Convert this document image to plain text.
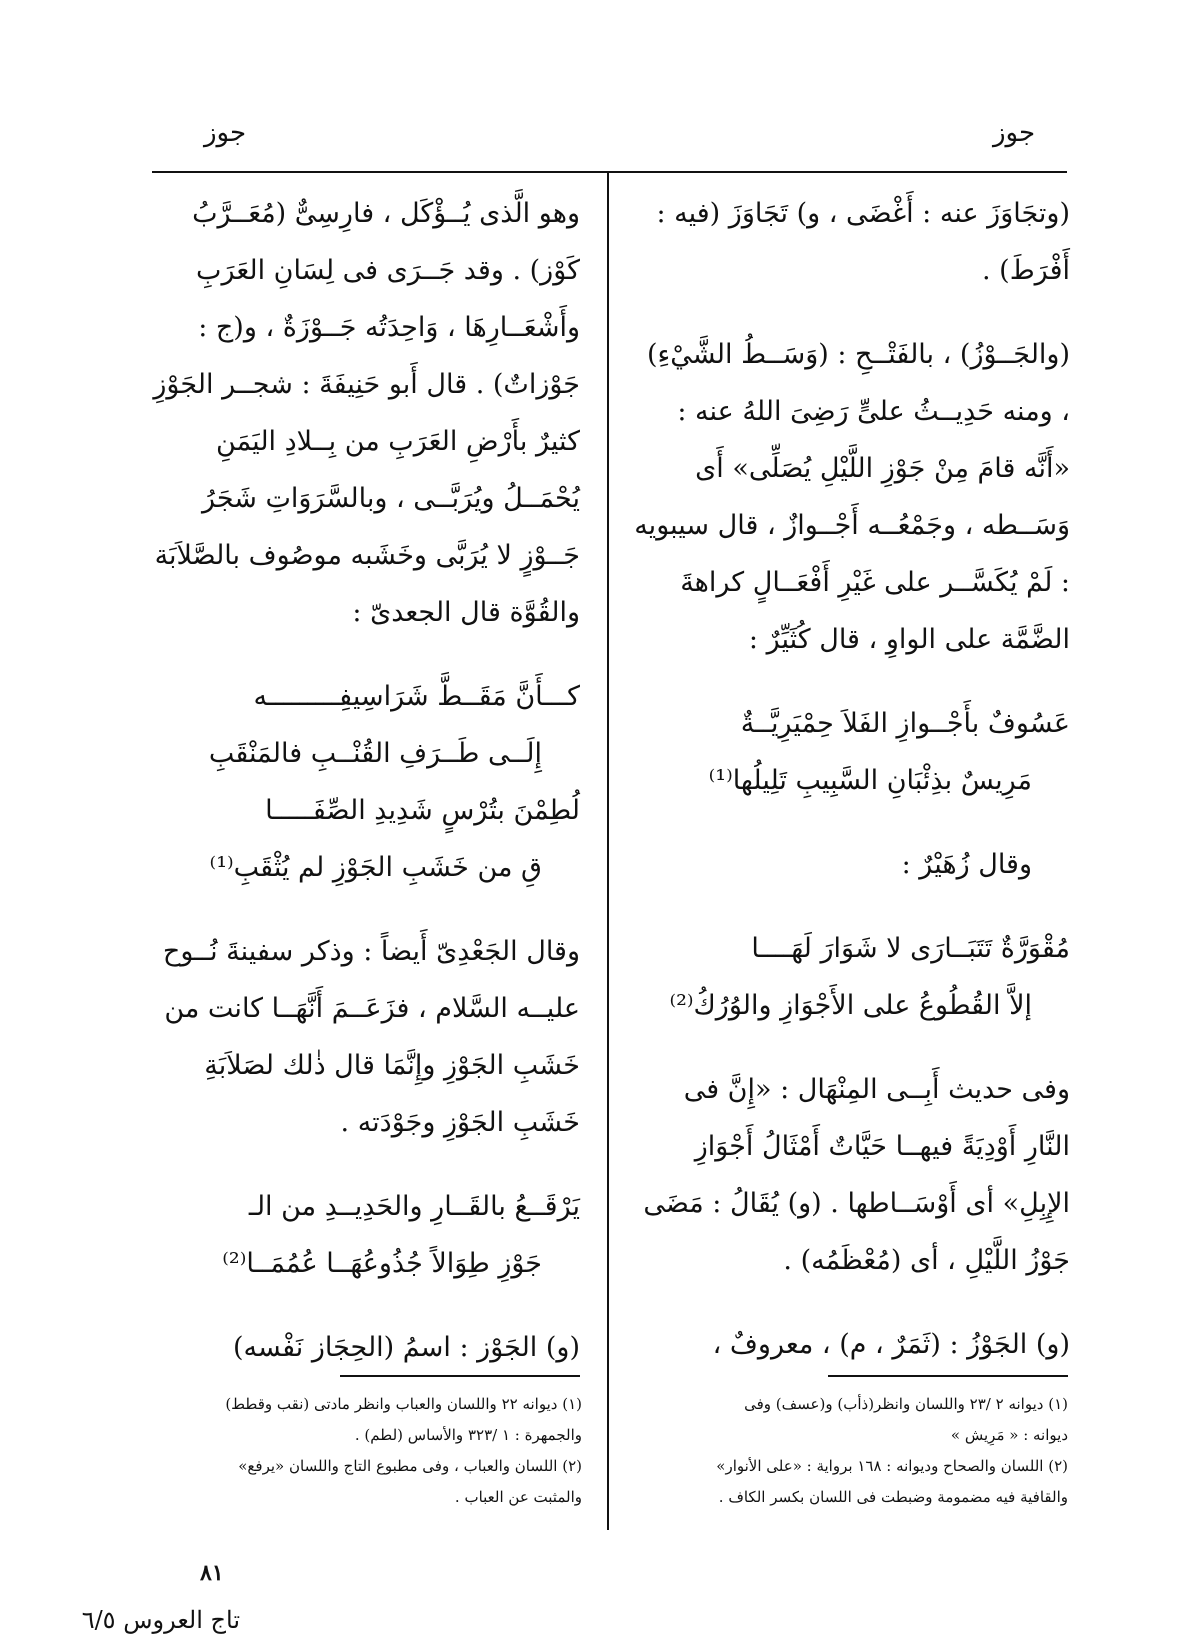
جوز
جوز

(وتجَاوَزَ عنه : أَغْضَى ، و) تَجَاوَزَ (فيه : أَفْرَطَ) .

(والجَــوْزُ) ، بالفَتْــحِ : (وَسَــطُ الشَّيْءِ) ، ومنه حَدِيــثُ علىٍّ رَضِىَ اللهُ عنه : «أَنَّه قامَ مِنْ جَوْزِ اللَّيْلِ يُصَلِّى» أَى وَسَــطه ، وجَمْعُــه أَجْــوازٌ ، قال سيبويه : لَمْ يُكَسَّــر على غَيْرِ أَفْعَــالٍ كراهةَ الضَّمَّة على الواوِ ، قال كُثَيِّرٌ :

عَسُوفٌ بأَجْــوازِ الفَلاَ حِمْيَرِيَّــةٌ

مَرِيسٌ بذِئْبَانِ السَّبِيبِ تَلِيلُها⁽¹⁾

وقال زُهَيْرٌ :

مُقْوَرَّةٌ تَتَبَــارَى لا شَوَارَ لَهَــــا

إلاَّ القُطُوعُ على الأَجْوَازِ والوُرُكُ⁽²⁾

وفى حديث أَبِــى المِنْهَال : «إِنَّ فى النَّارِ أَوْدِيَةً فيهــا حَيَّاتٌ أَمْثَالُ أَجْوَازِ الإِبِلِ» أى أَوْسَــاطها . (و) يُقَالُ : مَضَى جَوْزُ اللَّيْلِ ، أى (مُعْظَمُه) .

(و) الجَوْزُ : (ثَمَرٌ ، م) ، معروفٌ ،

وهو الَّذى يُــؤْكَل ، فارِسِىٌّ (مُعَــرَّبُ كَوْز) . وقد جَــرَى فى لِسَانِ العَرَبِ وأَشْعَــارِهَا ، وَاحِدَتُه جَــوْزَةٌ ، و(ج : جَوْزاتٌ) . قال أَبو حَنِيفَةَ : شجــر الجَوْزِ كثيرٌ بأَرْضِ العَرَبِ من بِــلادِ اليَمَنِ يُحْمَــلُ ويُرَبَّــى ، وبالسَّرَوَاتِ شَجَرُ جَــوْزٍ لا يُرَبَّى وخَشَبه موصُوف بالصَّلاَبَة والقُوَّة قال الجعدىّ :

كـــأَنَّ مَقَــطَّ شَرَاسِيفِـــــــــه

إِلَــى طَــرَفِ القُنْــبِ فالمَنْقَبِ

لُطِمْنَ بتُرْسٍ شَدِيدِ الصِّفَـــــا

قِ من خَشَبِ الجَوْزِ لم يُثْقَبِ⁽¹⁾

وقال الجَعْدِىّ أَيضاً : وذكر سفينةَ نُــوح عليــه السَّلام ، فزَعَــمَ أَنَّهَــا كانت من خَشَبِ الجَوْزِ وإِنَّمَا قال ذٰلك لصَلاَبَةِ خَشَبِ الجَوْزِ وجَوْدَته .

يَرْقَــعُ بالقَــارِ والحَدِيــدِ من الـ

جَوْزِ طِوَالاً جُذُوعُهَــا عُمُمَــا⁽²⁾

(و) الجَوْز : اسمُ (الحِجَاز نَفْسه)

(١) ديوانه ٢ /٢٣ واللسان وانظر(ذأب) و(عسف) وفى

ديوانه : « مَرِيش »

(٢) اللسان والصحاح وديوانه : ١٦٨ برواية : «على الأنوار»

والقافية فيه مضمومة وضبطت فى اللسان بكسر الكاف .

(١) ديوانه ٢٢ واللسان والعباب وانظر مادتى (نقب وقطط)

والجمهرة : ١ /٣٢٣ والأساس (لطم) .

(٢) اللسان والعباب ، وفى مطبوع التاج واللسان «يرفع»

والمثبت عن العباب .

٨١
تاج العروس ٦/٥
